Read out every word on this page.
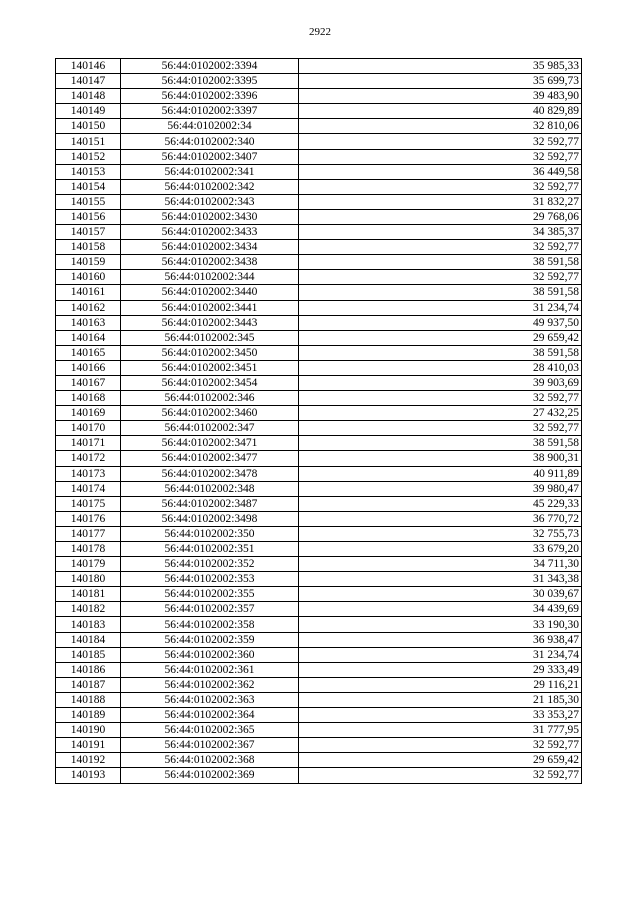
2922
140146	56:44:0102002:3394	35 985,33
140147	56:44:0102002:3395	35 699,73
140148	56:44:0102002:3396	39 483,90
140149	56:44:0102002:3397	40 829,89
140150	56:44:0102002:34	32 810,06
140151	56:44:0102002:340	32 592,77
140152	56:44:0102002:3407	32 592,77
140153	56:44:0102002:341	36 449,58
140154	56:44:0102002:342	32 592,77
140155	56:44:0102002:343	31 832,27
140156	56:44:0102002:3430	29 768,06
140157	56:44:0102002:3433	34 385,37
140158	56:44:0102002:3434	32 592,77
140159	56:44:0102002:3438	38 591,58
140160	56:44:0102002:344	32 592,77
140161	56:44:0102002:3440	38 591,58
140162	56:44:0102002:3441	31 234,74
140163	56:44:0102002:3443	49 937,50
140164	56:44:0102002:345	29 659,42
140165	56:44:0102002:3450	38 591,58
140166	56:44:0102002:3451	28 410,03
140167	56:44:0102002:3454	39 903,69
140168	56:44:0102002:346	32 592,77
140169	56:44:0102002:3460	27 432,25
140170	56:44:0102002:347	32 592,77
140171	56:44:0102002:3471	38 591,58
140172	56:44:0102002:3477	38 900,31
140173	56:44:0102002:3478	40 911,89
140174	56:44:0102002:348	39 980,47
140175	56:44:0102002:3487	45 229,33
140176	56:44:0102002:3498	36 770,72
140177	56:44:0102002:350	32 755,73
140178	56:44:0102002:351	33 679,20
140179	56:44:0102002:352	34 711,30
140180	56:44:0102002:353	31 343,38
140181	56:44:0102002:355	30 039,67
140182	56:44:0102002:357	34 439,69
140183	56:44:0102002:358	33 190,30
140184	56:44:0102002:359	36 938,47
140185	56:44:0102002:360	31 234,74
140186	56:44:0102002:361	29 333,49
140187	56:44:0102002:362	29 116,21
140188	56:44:0102002:363	21 185,30
140189	56:44:0102002:364	33 353,27
140190	56:44:0102002:365	31 777,95
140191	56:44:0102002:367	32 592,77
140192	56:44:0102002:368	29 659,42
140193	56:44:0102002:369	32 592,77
